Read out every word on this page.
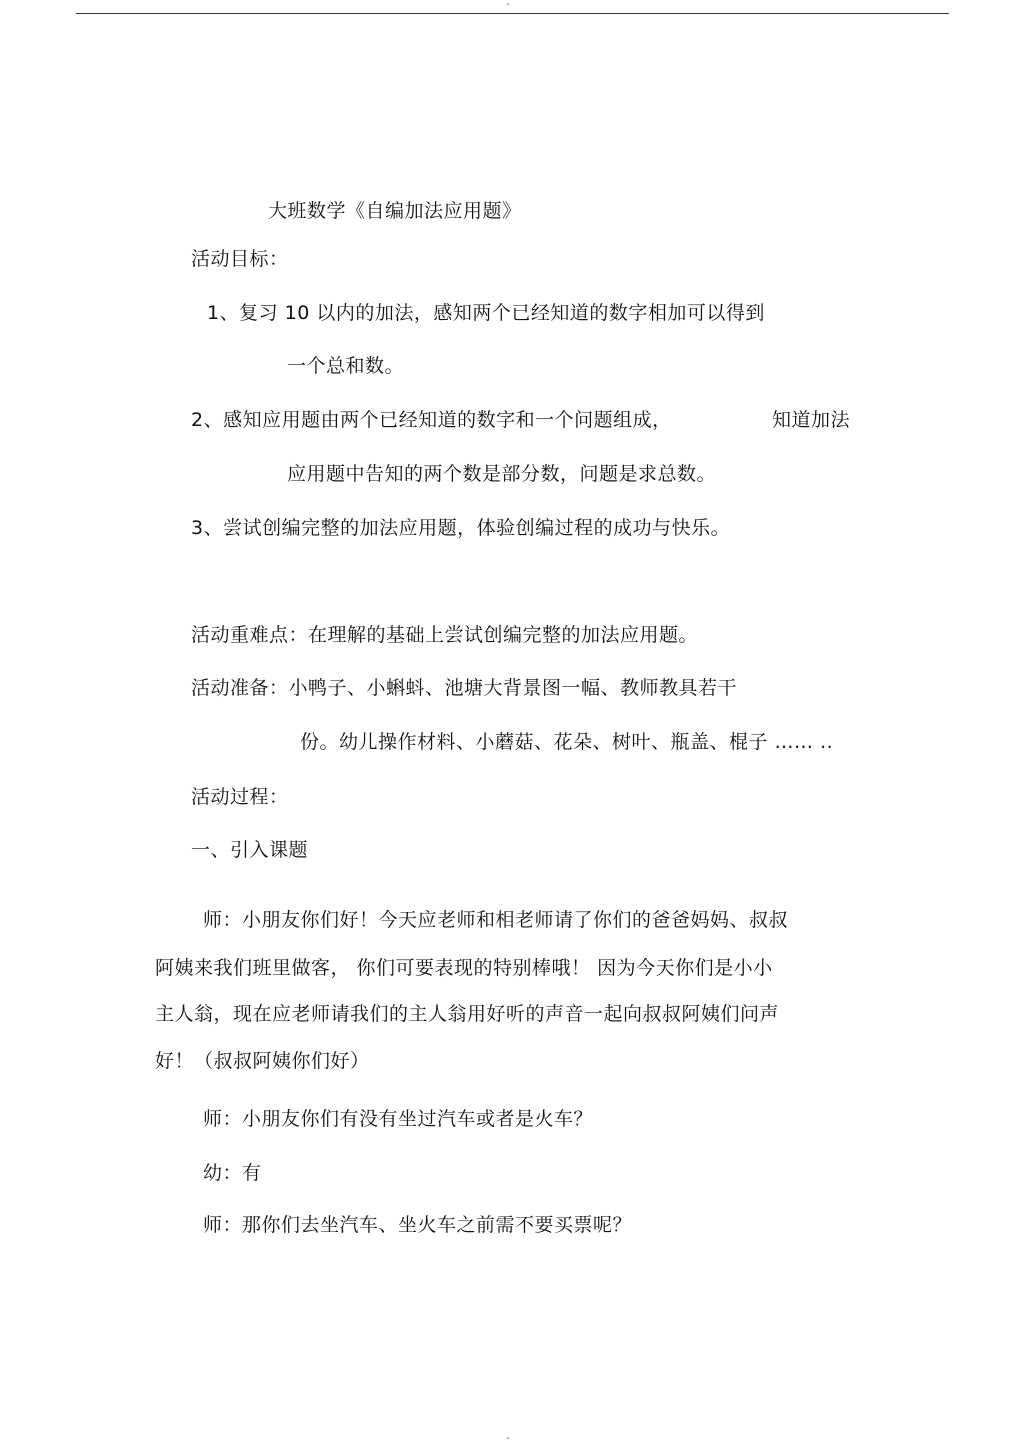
-
大班数学《自编加法应用题》
活动目标：
1、复习 10 以内的加法，感知两个已经知道的数字相加可以得到
一个总和数。
2、感知应用题由两个已经知道的数字和一个问题组成，	知道加法
应用题中告知的两个数是部分数，问题是求总数。
3、尝试创编完整的加法应用题，体验创编过程的成功与快乐。
活动重难点：在理解的基础上尝试创编完整的加法应用题。
活动准备：小鸭子、小蝌蚪、池塘大背景图一幅、教师教具若干
份。幼儿操作材料、小蘑菇、花朵、树叶、瓶盖、棍子 …… ..
活动过程：
一、引入课题
师：小朋友你们好！今天应老师和相老师请了你们的爸爸妈妈、叔叔
阿姨来我们班里做客， 你们可要表现的特别棒哦！ 因为今天你们是小小
主人翁，现在应老师请我们的主人翁用好听的声音一起向叔叔阿姨们问声
好！（叔叔阿姨你们好）
师：小朋友你们有没有坐过汽车或者是火车？
幼：有
师：那你们去坐汽车、坐火车之前需不要买票呢？
-
